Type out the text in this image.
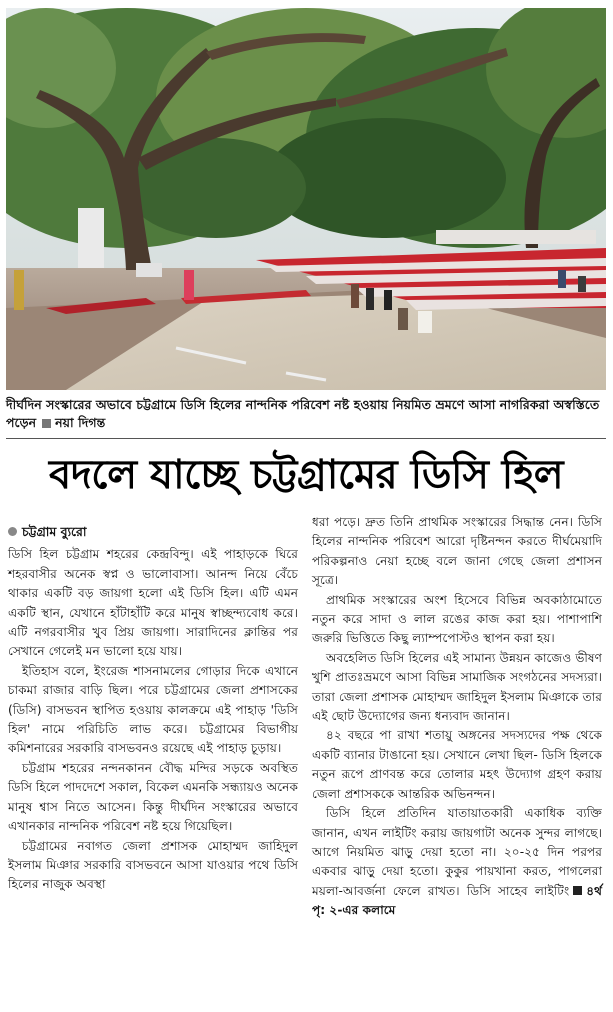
দীর্ঘদিন সংস্কারের অভাবে চট্টগ্রামে ডিসি হিলের নান্দনিক পরিবেশ নষ্ট হওয়ায় নিয়মিত ভ্রমণে আসা নাগরিকরা অস্বস্তিতে পড়েন নয়া দিগন্ত
বদলে যাচ্ছে চট্টগ্রামের ডিসি হিল
চট্টগ্রাম ব্যুরো

ডিসি হিল চট্টগ্রাম শহরের কেন্দ্রবিন্দু। এই পাহাড়কে ঘিরে শহরবাসীর অনেক স্বপ্ন ও ভালোবাসা। আনন্দ নিয়ে বেঁচে থাকার একটি বড় জায়গা হলো এই ডিসি হিল। এটি এমন একটি স্থান, যেখানে হাঁটাহাঁটি করে মানুষ স্বাচ্ছন্দ্যবোধ করে। এটি নগরবাসীর খুব প্রিয় জায়গা। সারাদিনের ক্লান্তির পর সেখানে গেলেই মন ভালো হয়ে যায়।

ইতিহাস বলে, ইংরেজ শাসনামলের গোড়ার দিকে এখানে চাকমা রাজার বাড়ি ছিল। পরে চট্টগ্রামের জেলা প্রশাসকের (ডিসি) বাসভবন স্থাপিত হওয়ায় কালক্রমে এই পাহাড় 'ডিসি হিল' নামে পরিচিতি লাভ করে। চট্টগ্রামের বিভাগীয় কমিশনারের সরকারি বাসভবনও রয়েছে এই পাহাড় চূড়ায়।

চট্টগ্রাম শহরের নন্দনকানন বৌদ্ধ মন্দির সড়কে অবস্থিত ডিসি হিলে পাদদেশে সকাল, বিকেল এমনকি সন্ধ্যায়ও অনেক মানুষ শ্বাস নিতে আসেন। কিন্তু দীর্ঘদিন সংস্কারের অভাবে এখানকার নান্দনিক পরিবেশ নষ্ট হয়ে গিয়েছিল।

চট্টগ্রামের নবাগত জেলা প্রশাসক মোহাম্মদ জাহিদুল ইসলাম মিঞার সরকারি বাসভবনে আসা যাওয়ার পথে ডিসি হিলের নাজুক অবস্থা

ধরা পড়ে। দ্রুত তিনি প্রাথমিক সংস্কারের সিদ্ধান্ত নেন। ডিসি হিলের নান্দনিক পরিবেশ আরো দৃষ্টিনন্দন করতে দীর্ঘমেয়াদি পরিকল্পনাও নেয়া হচ্ছে বলে জানা গেছে জেলা প্রশাসন সূত্রে।

প্রাথমিক সংস্কারের অংশ হিসেবে বিভিন্ন অবকাঠামোতে নতুন করে সাদা ও লাল রঙের কাজ করা হয়। পাশাপাশি জরুরি ভিত্তিতে কিছু ল্যাম্পপোস্টও স্থাপন করা হয়।

অবহেলিত ডিসি হিলের এই সামান্য উন্নয়ন কাজেও ভীষণ খুশি প্রাতঃভ্রমণে আসা বিভিন্ন সামাজিক সংগঠনের সদস্যরা। তারা জেলা প্রশাসক মোহাম্মদ জাহিদুল ইসলাম মিঞাকে তার এই ছোট উদ্যোগের জন্য ধন্যবাদ জানান।

৪২ বছরে পা রাখা শতায়ু অঙ্গনের সদস্যদের পক্ষ থেকে একটি ব্যানার টাঙানো হয়। সেখানে লেখা ছিল- ডিসি হিলকে নতুন রূপে প্রাণবন্ত করে তোলার মহৎ উদ্যোগ গ্রহণ করায় জেলা প্রশাসককে আন্তরিক অভিনন্দন।

ডিসি হিলে প্রতিদিন যাতায়াতকারী একাধিক ব্যক্তি জানান, এখন লাইটিং করায় জায়গাটা অনেক সুন্দর লাগছে। আগে নিয়মিত ঝাড়ু দেয়া হতো না। ২০-২৫ দিন পরপর একবার ঝাড়ু দেয়া হতো। কুকুর পায়খানা করত, পাগলেরা ময়লা-আবর্জনা ফেলে রাখত। ডিসি সাহেব লাইটিং ৪র্থ পৃ: ২-এর কলামে
